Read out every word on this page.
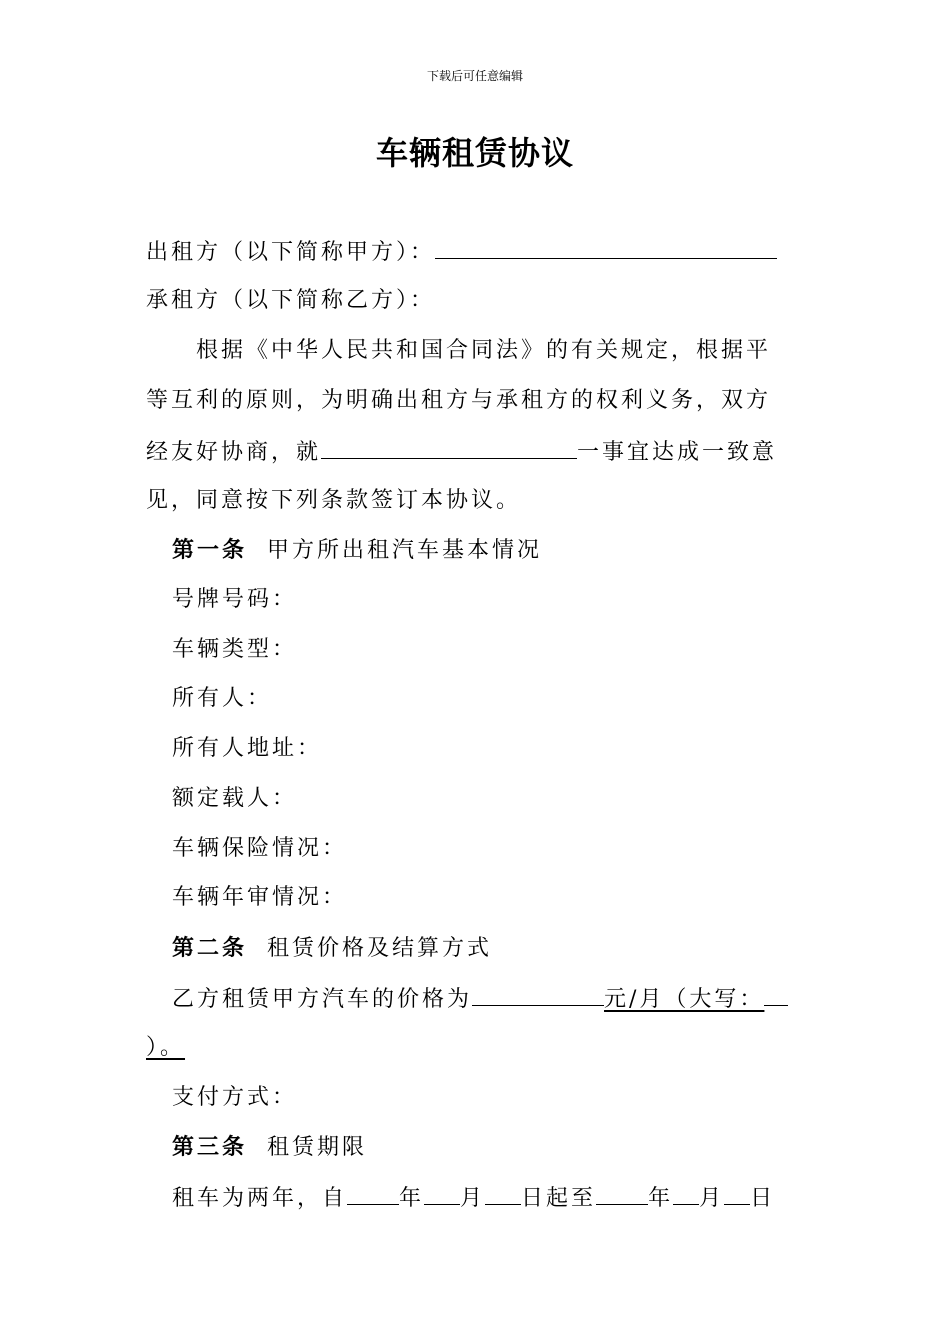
下载后可任意编辑
车辆租赁协议
出租方（以下简称甲方）：
承租方（以下简称乙方）：
根据《中华人民共和国合同法》的有关规定，根据平
等互利的原则，为明确出租方与承租方的权利义务，双方
经友好协商，就	一事宜达成一致意
见，同意按下列条款签订本协议。
第一条 甲方所出租汽车基本情况
号牌号码：
车辆类型：
所有人：
所有人地址：
额定载人：
车辆保险情况：
车辆年审情况：
第二条 租赁价格及结算方式
乙方租赁甲方汽车的价格为	元/月（大写：
）。
支付方式：
第三条 租赁期限
租车为两年，自 年 月 日起至 年 月 日
